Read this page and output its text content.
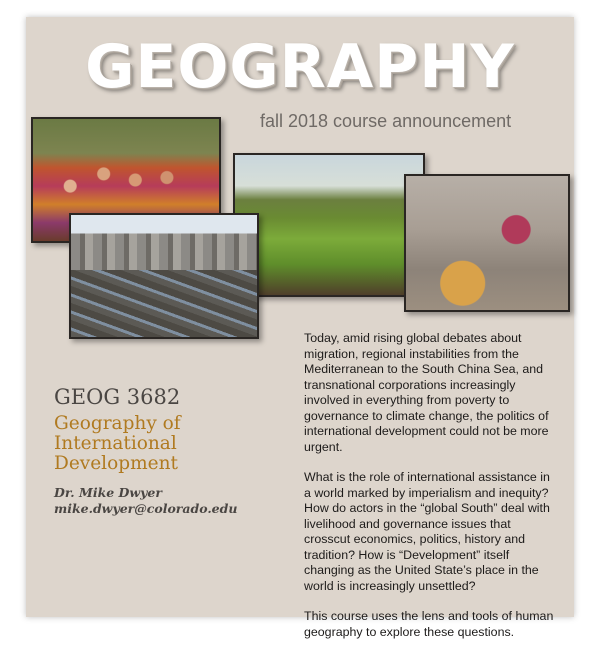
GEOGRAPHY
fall 2018 course announcement
GEOG 3682
Geography of
International
Development
Dr. Mike Dwyer
mike.dwyer@colorado.edu

Today, amid rising global debates about migration, regional instabilities from the Mediterranean to the South China Sea, and transnational corporations increasingly involved in everything from poverty to governance to climate change, the politics of international development could not be more urgent.

What is the role of international assistance in a world marked by imperialism and inequity? How do actors in the “global South” deal with livelihood and governance issues that crosscut economics, politics, history and tradition? How is “Development” itself changing as the United State’s place in the world is increasingly unsettled?

This course uses the lens and tools of human geography to explore these questions.
